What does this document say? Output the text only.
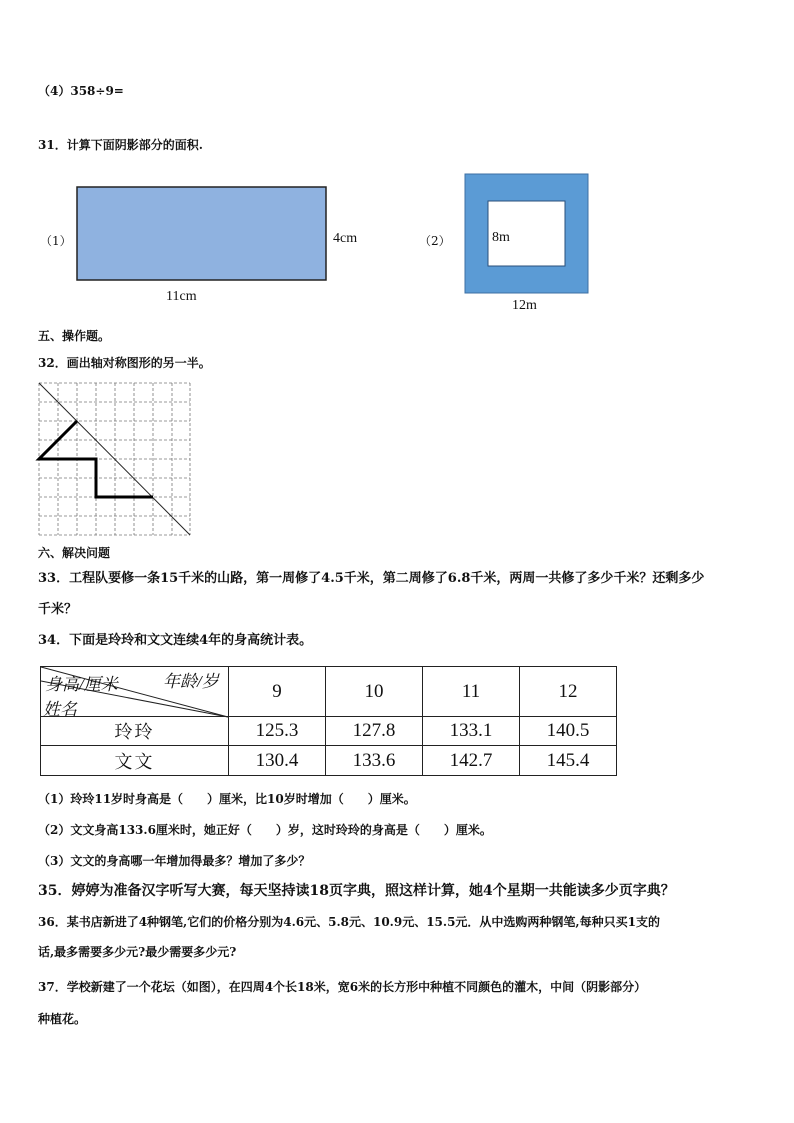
（4）358÷9=
31．计算下面阴影部分的面积.
（1）	4cm
11cm
（2）	8m
12m
五、操作题。
32．画出轴对称图形的另一半。
六、解决问题
33．工程队要修一条15千米的山路，第一周修了4.5千米，第二周修了6.8千米，两周一共修了多少千米？还剩多少
千米？
34．下面是玲玲和文文连续4年的身高统计表。
身高/厘米 年龄/岁
姓名	9	10	11	12
玲玲	125.3	127.8	133.1	140.5
文文	130.4	133.6	142.7	145.4
（1）玲玲11岁时身高是（　　）厘米，比10岁时增加（　　）厘米。
（2）文文身高133.6厘米时，她正好（　　）岁，这时玲玲的身高是（　　）厘米。
（3）文文的身高哪一年增加得最多？增加了多少？
35．婷婷为准备汉字听写大赛，每天坚持读18页字典，照这样计算，她4个星期一共能读多少页字典？
36．某书店新进了4种钢笔,它们的价格分别为4.6元、5.8元、10.9元、15.5元．从中选购两种钢笔,每种只买1支的
话,最多需要多少元?最少需要多少元?
37．学校新建了一个花坛（如图），在四周4个长18米，宽6米的长方形中种植不同颜色的灌木，中间（阴影部分）
种植花。
